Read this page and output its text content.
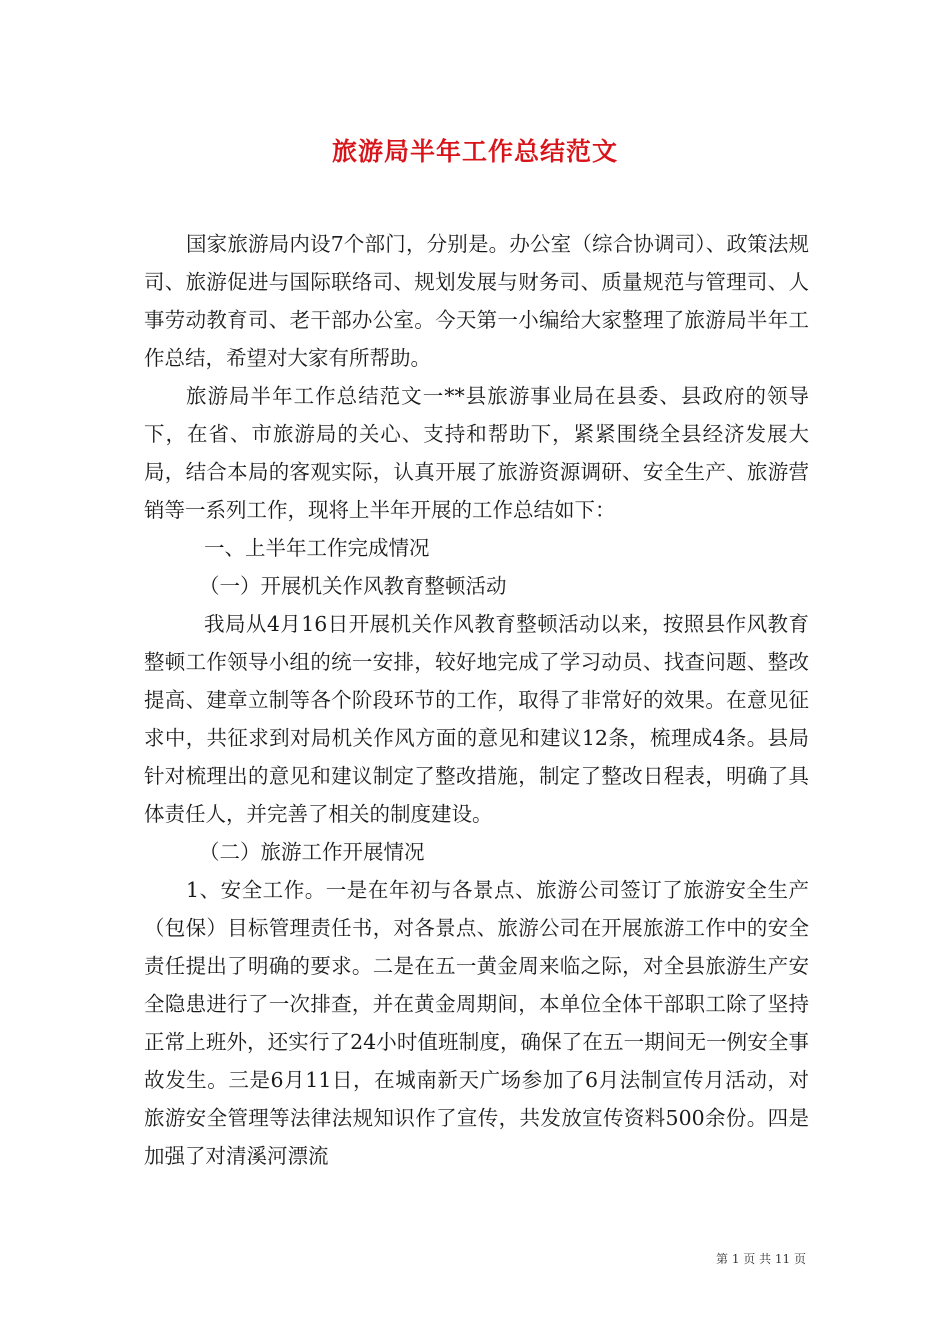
旅游局半年工作总结范文

国家旅游局内设7个部门，分别是。办公室（综合协调司）、政策法规司、旅游促进与国际联络司、规划发展与财务司、质量规范与管理司、人事劳动教育司、老干部办公室。今天第一小编给大家整理了旅游局半年工作总结，希望对大家有所帮助。

旅游局半年工作总结范文一**县旅游事业局在县委、县政府的领导下，在省、市旅游局的关心、支持和帮助下，紧紧围绕全县经济发展大局，结合本局的客观实际，认真开展了旅游资源调研、安全生产、旅游营销等一系列工作，现将上半年开展的工作总结如下：

一、上半年工作完成情况

（一）开展机关作风教育整顿活动

我局从4月16日开展机关作风教育整顿活动以来，按照县作风教育整顿工作领导小组的统一安排，较好地完成了学习动员、找查问题、整改提高、建章立制等各个阶段环节的工作，取得了非常好的效果。在意见征求中，共征求到对局机关作风方面的意见和建议12条，梳理成4条。县局针对梳理出的意见和建议制定了整改措施，制定了整改日程表，明确了具体责任人，并完善了相关的制度建设。

（二）旅游工作开展情况

1、安全工作。一是在年初与各景点、旅游公司签订了旅游安全生产（包保）目标管理责任书，对各景点、旅游公司在开展旅游工作中的安全责任提出了明确的要求。二是在五一黄金周来临之际，对全县旅游生产安全隐患进行了一次排查，并在黄金周期间，本单位全体干部职工除了坚持正常上班外，还实行了24小时值班制度，确保了在五一期间无一例安全事故发生。三是6月11日，在城南新天广场参加了6月法制宣传月活动，对旅游安全管理等法律法规知识作了宣传，共发放宣传资料500余份。四是加强了对清溪河漂流

第 1 页 共 11 页
